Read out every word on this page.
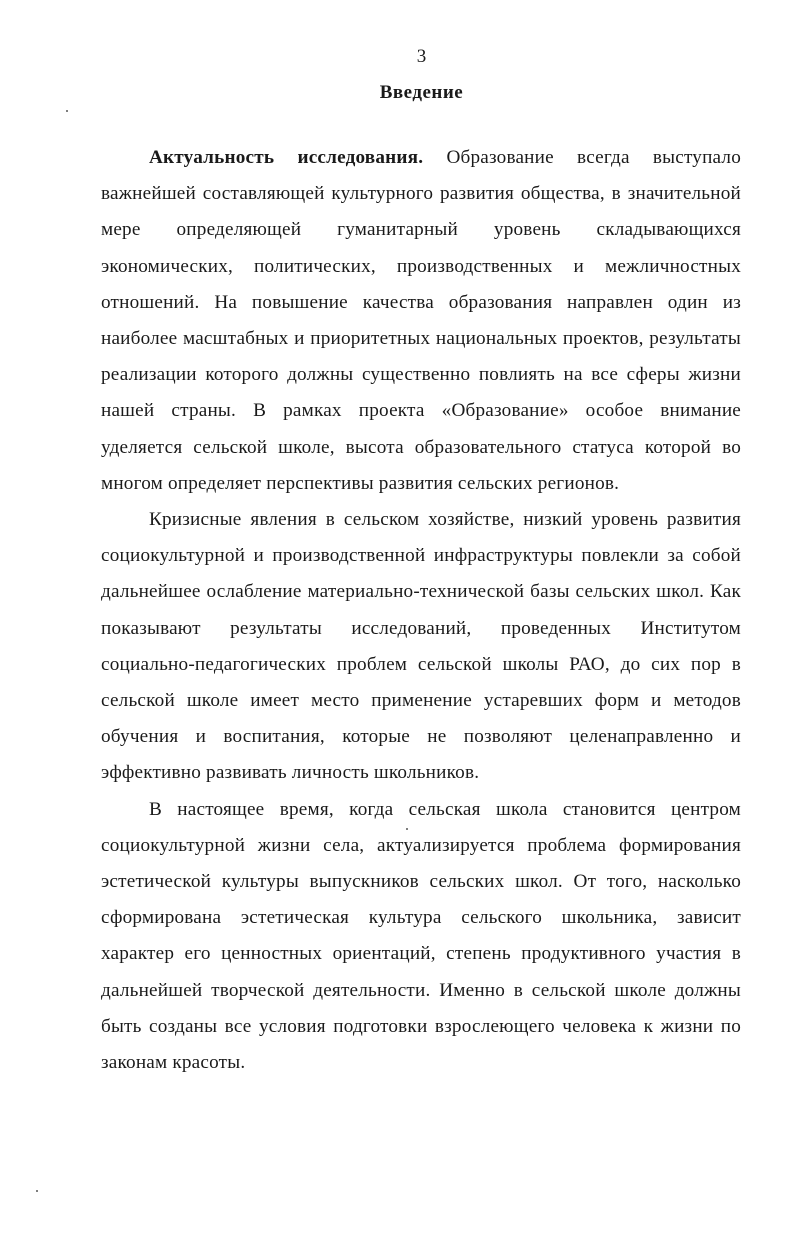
3
Введение

Актуальность исследования. Образование всегда выступало важнейшей составляющей культурного развития общества, в значительной мере определяющей гуманитарный уровень складывающихся экономических, политических, производственных и межличностных отношений. На повышение качества образования направлен один из наиболее масштабных и приоритетных национальных проектов, результаты реализации которого должны существенно повлиять на все сферы жизни нашей страны. В рамках проекта «Образование» особое внимание уделяется сельской школе, высота образовательного статуса которой во многом определяет перспективы развития сельских регионов.

Кризисные явления в сельском хозяйстве, низкий уровень развития социокультурной и производственной инфраструктуры повлекли за собой дальнейшее ослабление материально-технической базы сельских школ. Как показывают результаты исследований, проведенных Институтом социально-педагогических проблем сельской школы РАО, до сих пор в сельской школе имеет место применение устаревших форм и методов обучения и воспитания, которые не позволяют целенаправленно и эффективно развивать личность школьников.

В настоящее время, когда сельская школа становится центром социокультурной жизни села, актуализируется проблема формирования эстетической культуры выпускников сельских школ. От того, насколько сформирована эстетическая культура сельского школьника, зависит характер его ценностных ориентаций, степень продуктивного участия в дальнейшей творческой деятельности. Именно в сельской школе должны быть созданы все условия подготовки взрослеющего человека к жизни по законам красоты.
